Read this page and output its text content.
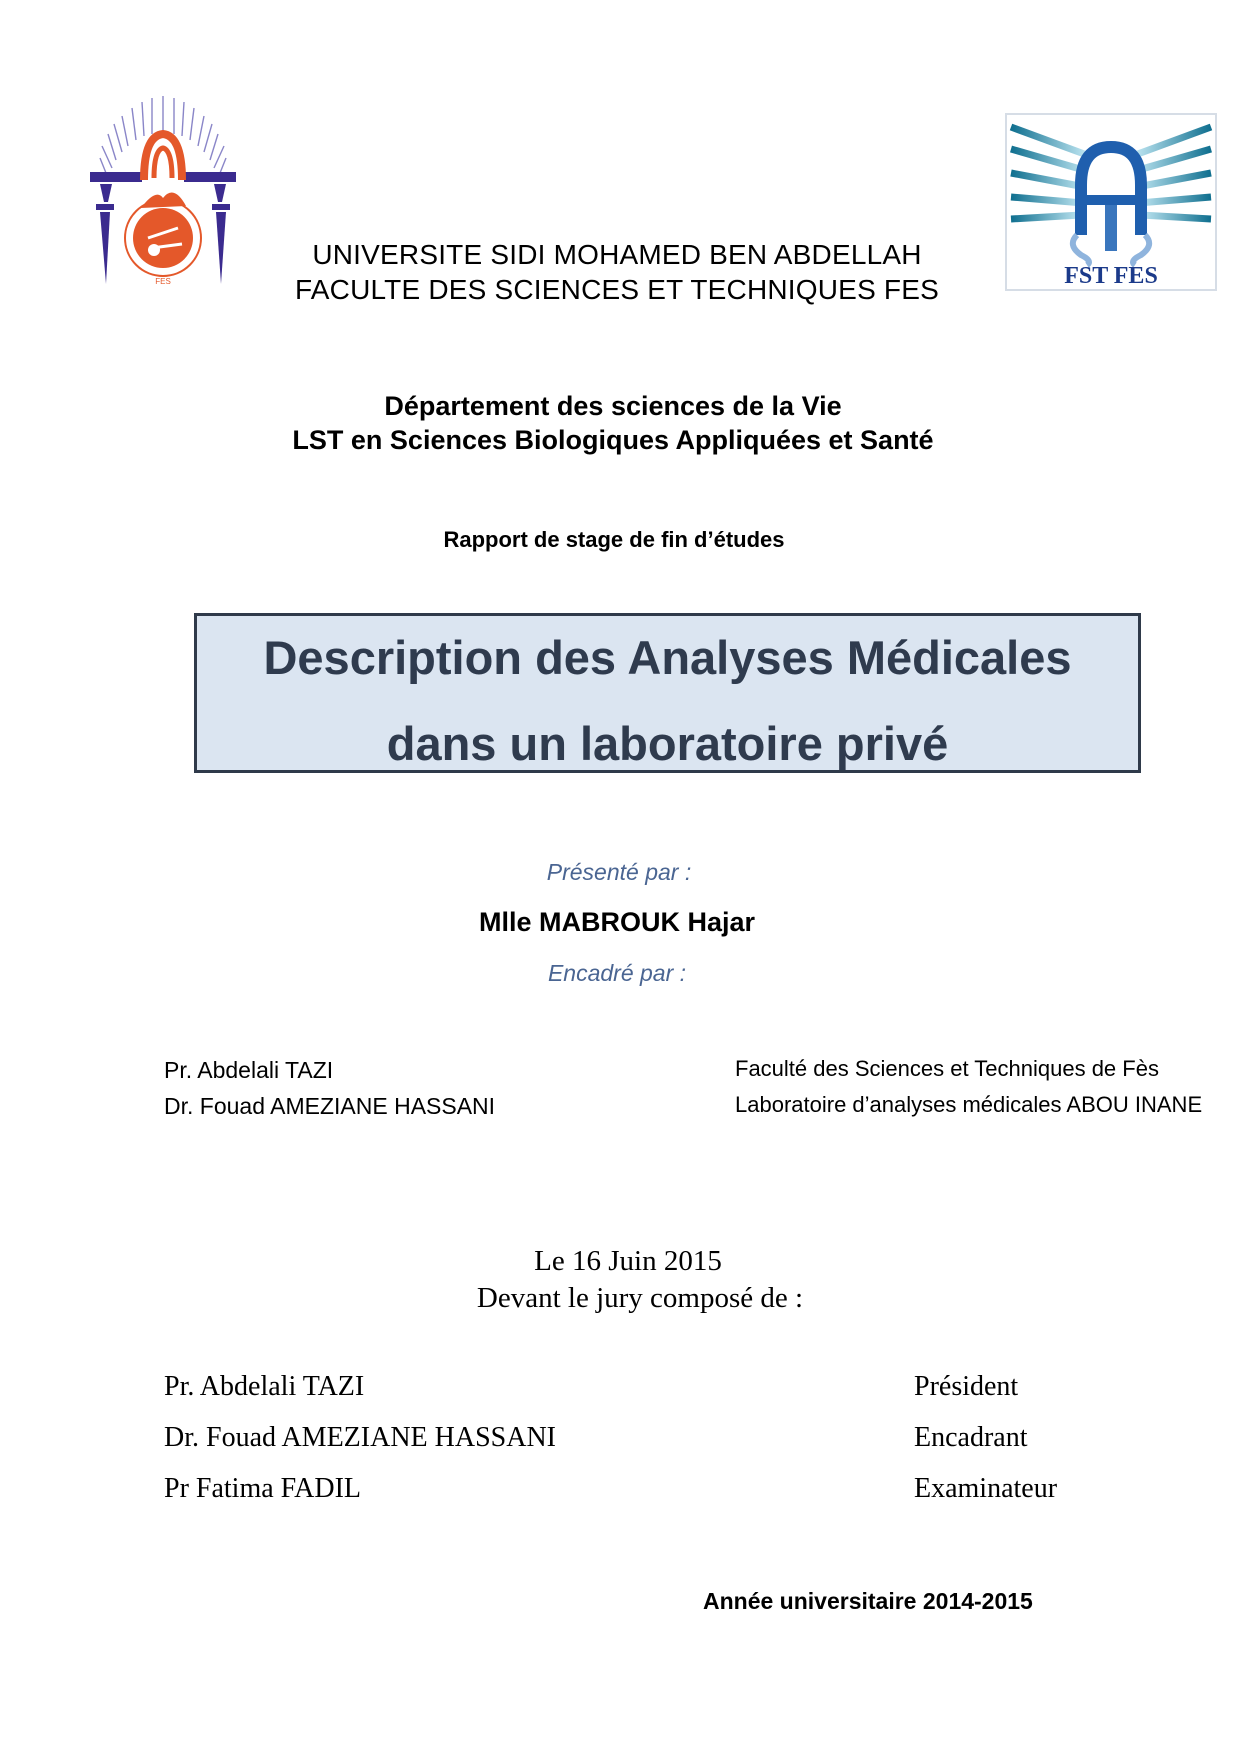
FES	FST FES
UNIVERSITE SIDI MOHAMED BEN ABDELLAH
FACULTE DES SCIENCES ET TECHNIQUES FES
Département des sciences de la Vie
LST en Sciences Biologiques Appliquées et Santé
Rapport de stage de fin d’études
Description des Analyses Médicales
dans un laboratoire privé
Présenté par :
Mlle MABROUK Hajar
Encadré par :
Pr. Abdelali TAZI	Faculté des Sciences et Techniques de Fès
Dr. Fouad AMEZIANE HASSANI	Laboratoire d’analyses médicales ABOU INANE
Le 16 Juin 2015
Devant le jury composé de :
Pr. Abdelali TAZI	Président
Dr. Fouad AMEZIANE HASSANI	Encadrant
Pr Fatima FADIL	Examinateur
Année universitaire 2014-2015
